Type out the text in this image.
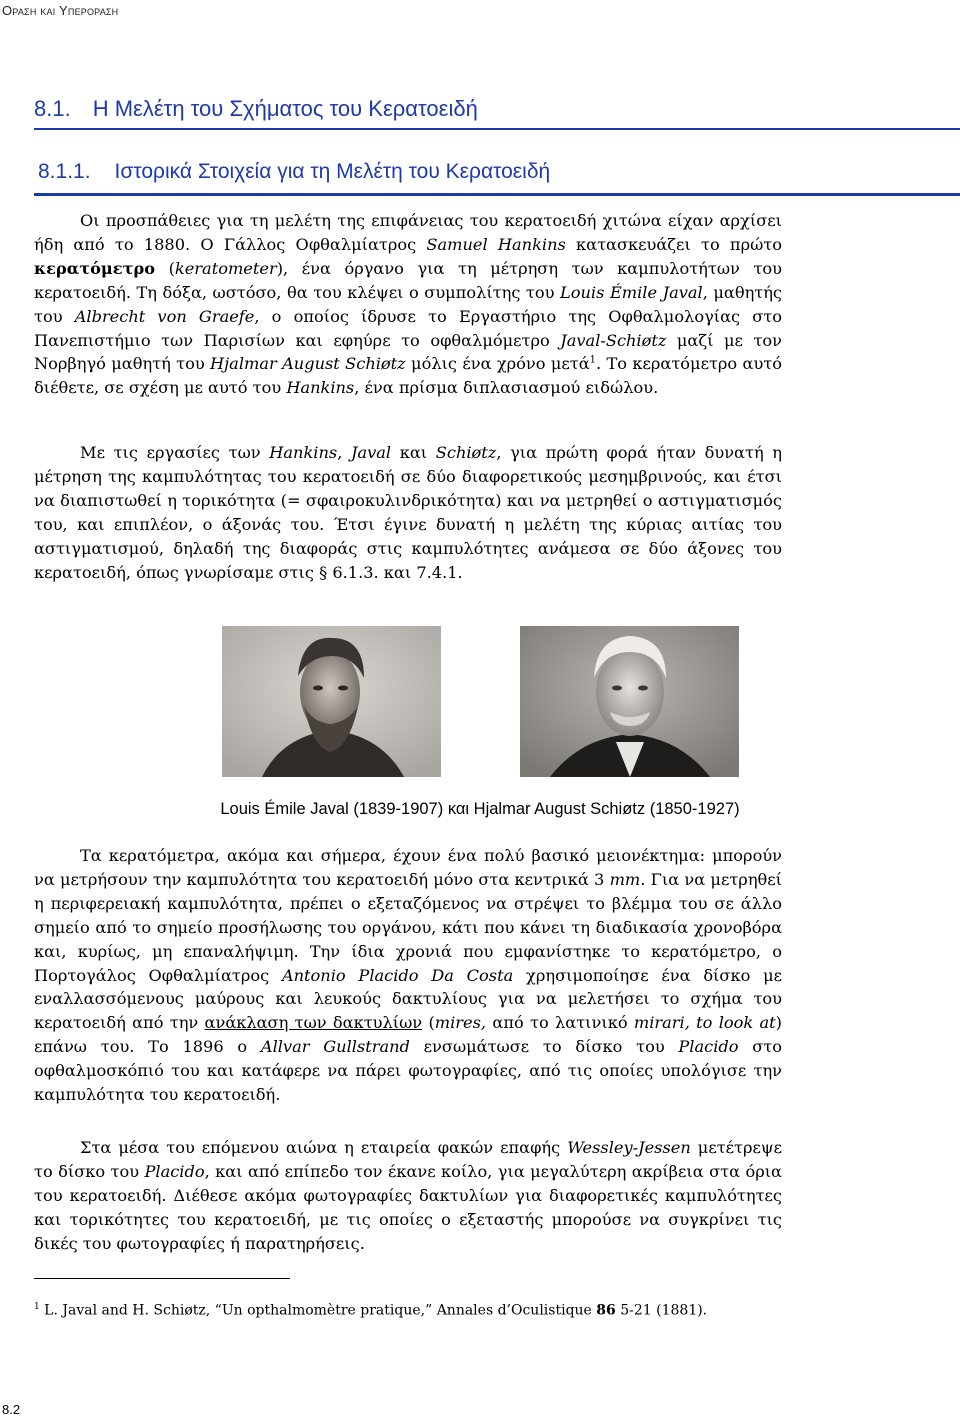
Οραση και Υπεροραση
8.1. Η Μελέτη του Σχήματος του Κερατοειδή
8.1.1. Ιστορικά Στοιχεία για τη Μελέτη του Κερατοειδή

Οι προσπάθειες για τη μελέτη της επιφάνειας του κερατοειδή χιτώνα είχαν αρχίσει ήδη από το 1880. Ο Γάλλος Οφθαλμίατρος Samuel Hankins κατασκευάζει το πρώτο κερατόμετρο (keratometer), ένα όργανο για τη μέτρηση των καμπυλοτήτων του κερατοειδή. Τη δόξα, ωστόσο, θα του κλέψει ο συμπολίτης του Louis Émile Javal, μαθητής του Albrecht von Graefe, ο οποίος ίδρυσε το Εργαστήριο της Οφθαλμολογίας στο Πανεπιστήμιο των Παρισίων και εφηύρε το οφθαλμόμετρο Javal-Schiøtz μαζί με τον Νορβηγό μαθητή του Hjalmar August Schiøtz μόλις ένα χρόνο μετά$^1$. Το κερατόμετρο αυτό διέθετε, σε σχέση με αυτό του Hankins, ένα πρίσμα διπλασιασμού ειδώλου.

Με τις εργασίες των Hankins, Javal και Schiøtz, για πρώτη φορά ήταν δυνατή η μέτρηση της καμπυλότητας του κερατοειδή σε δύο διαφορετικούς μεσημβρινούς, και έτσι να διαπιστωθεί η τορικότητα (= σφαιροκυλινδρικότητα) και να μετρηθεί ο αστιγματισμός του, και επιπλέον, ο άξονάς του. Έτσι έγινε δυνατή η μελέτη της κύριας αιτίας του αστιγματισμού, δηλαδή της διαφοράς στις καμπυλότητες ανάμεσα σε δύο άξονες του κερατοειδή, όπως γνωρίσαμε στις § 6.1.3. και 7.4.1.

Louis Émile Javal (1839-1907) και Hjalmar August Schiøtz (1850-1927)

Τα κερατόμετρα, ακόμα και σήμερα, έχουν ένα πολύ βασικό μειονέκτημα: μπορούν να μετρήσουν την καμπυλότητα του κερατοειδή μόνο στα κεντρικά 3 mm. Για να μετρηθεί η περιφερειακή καμπυλότητα, πρέπει ο εξεταζόμενος να στρέψει το βλέμμα του σε άλλο σημείο από το σημείο προσήλωσης του οργάνου, κάτι που κάνει τη διαδικασία χρονοβόρα και, κυρίως, μη επαναλήψιμη. Την ίδια χρονιά που εμφανίστηκε το κερατόμετρο, ο Πορτογάλος Οφθαλμίατρος Antonio Placido Da Costa χρησιμοποίησε ένα δίσκο με εναλλασσόμενους μαύρους και λευκούς δακτυλίους για να μελετήσει το σχήμα του κερατοειδή από την ανάκλαση των δακτυλίων (mires, από το λατινικό mirari, to look at) επάνω του. Το 1896 ο Allvar Gullstrand ενσωμάτωσε το δίσκο του Placido στο οφθαλμοσκόπιό του και κατάφερε να πάρει φωτογραφίες, από τις οποίες υπολόγισε την καμπυλότητα του κερατοειδή.

Στα μέσα του επόμενου αιώνα η εταιρεία φακών επαφής Wessley-Jessen μετέτρεψε το δίσκο του Placido, και από επίπεδο τον έκανε κοίλο, για μεγαλύτερη ακρίβεια στα όρια του κερατοειδή. Διέθεσε ακόμα φωτογραφίες δακτυλίων για διαφορετικές καμπυλότητες και τορικότητες του κερατοειδή, με τις οποίες ο εξεταστής μπορούσε να συγκρίνει τις δικές του φωτογραφίες ή παρατηρήσεις.

$^1$ L. Javal and H. Schiøtz, “Un opthalmomètre pratique,” Annales d’Oculistique 86 5-21 (1881).

8.2
